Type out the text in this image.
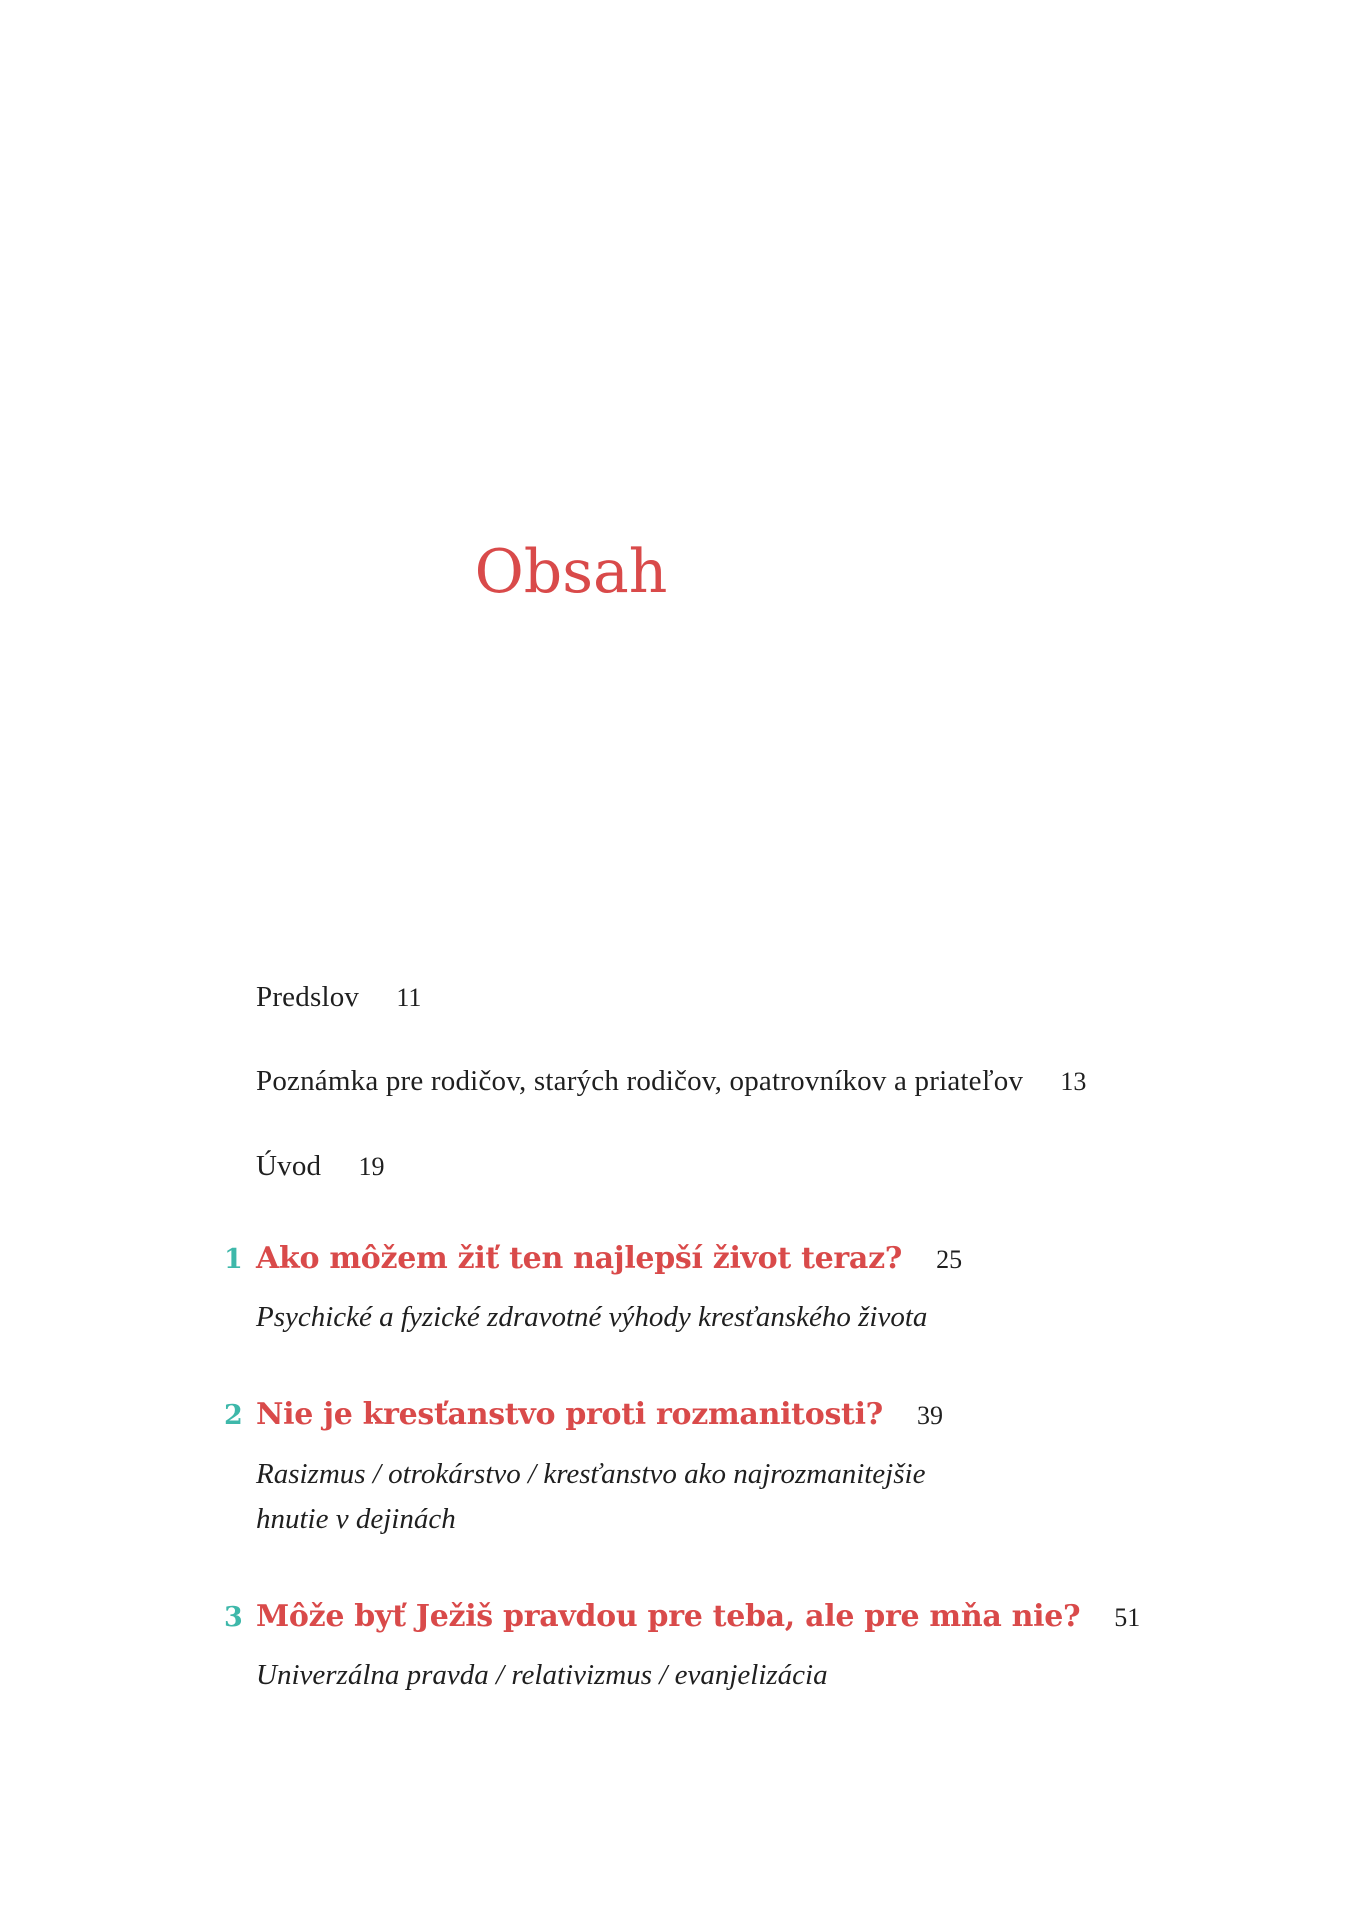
Obsah
Predslov 11
Poznámka pre rodičov, starých rodičov, opatrovníkov a priateľov 13
Úvod 19
1 Ako môžem žiť ten najlepší život teraz? 25
Psychické a fyzické zdravotné výhody kresťanského života
2 Nie je kresťanstvo proti rozmanitosti? 39
Rasizmus / otrokárstvo / kresťanstvo ako najrozmanitejšie hnutie v dejinách
3 Môže byť Ježiš pravdou pre teba, ale pre mňa nie? 51
Univerzálna pravda / relativizmus / evanjelizácia
